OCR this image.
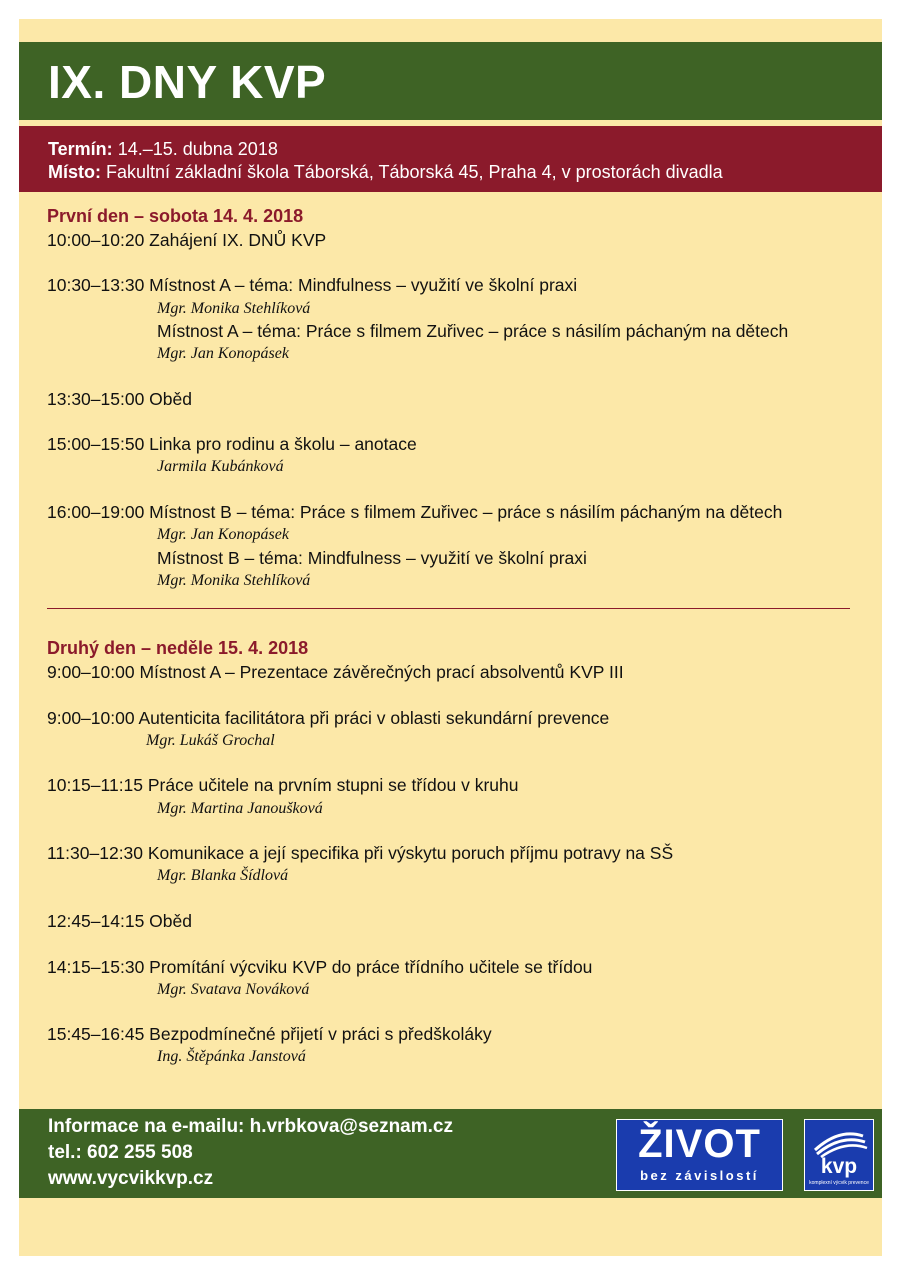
IX. DNY KVP
Termín: 14.–15. dubna 2018
Místo: Fakultní základní škola Táborská, Táborská 45, Praha 4, v prostorách divadla
První den – sobota 14. 4. 2018
10:00–10:20 Zahájení IX. DNŮ KVP
10:30–13:30 Místnost A – téma: Mindfulness – využití ve školní praxi
Mgr. Monika Stehlíková
Místnost A – téma: Práce s filmem Zuřivec – práce s násilím páchaným na dětech
Mgr. Jan Konopásek
13:30–15:00 Oběd
15:00–15:50 Linka pro rodinu a školu – anotace
Jarmila Kubánková
16:00–19:00 Místnost B – téma: Práce s filmem Zuřivec – práce s násilím páchaným na dětech
Mgr. Jan Konopásek
Místnost B – téma: Mindfulness – využití ve školní praxi
Mgr. Monika Stehlíková
Druhý den – neděle 15. 4. 2018
9:00–10:00 Místnost A – Prezentace závěrečných prací absolventů KVP III
9:00–10:00 Autenticita facilitátora při práci v oblasti sekundární prevence
Mgr. Lukáš Grochal
10:15–11:15 Práce učitele na prvním stupni se třídou v kruhu
Mgr. Martina Janoušková
11:30–12:30 Komunikace a její specifika při výskytu poruch příjmu potravy na SŠ
Mgr. Blanka Šídlová
12:45–14:15 Oběd
14:15–15:30 Promítání výcviku KVP do práce třídního učitele se třídou
Mgr. Svatava Nováková
15:45–16:45 Bezpodmínečné přijetí v práci s předškoláky
Ing. Štěpánka Janstová
Informace na e-mailu: h.vrbkova@seznam.cz
tel.: 602 255 508
www.vycvikkvp.cz
ŽIVOT
bez závislostí	kvp
komplexní výcvik prevence
